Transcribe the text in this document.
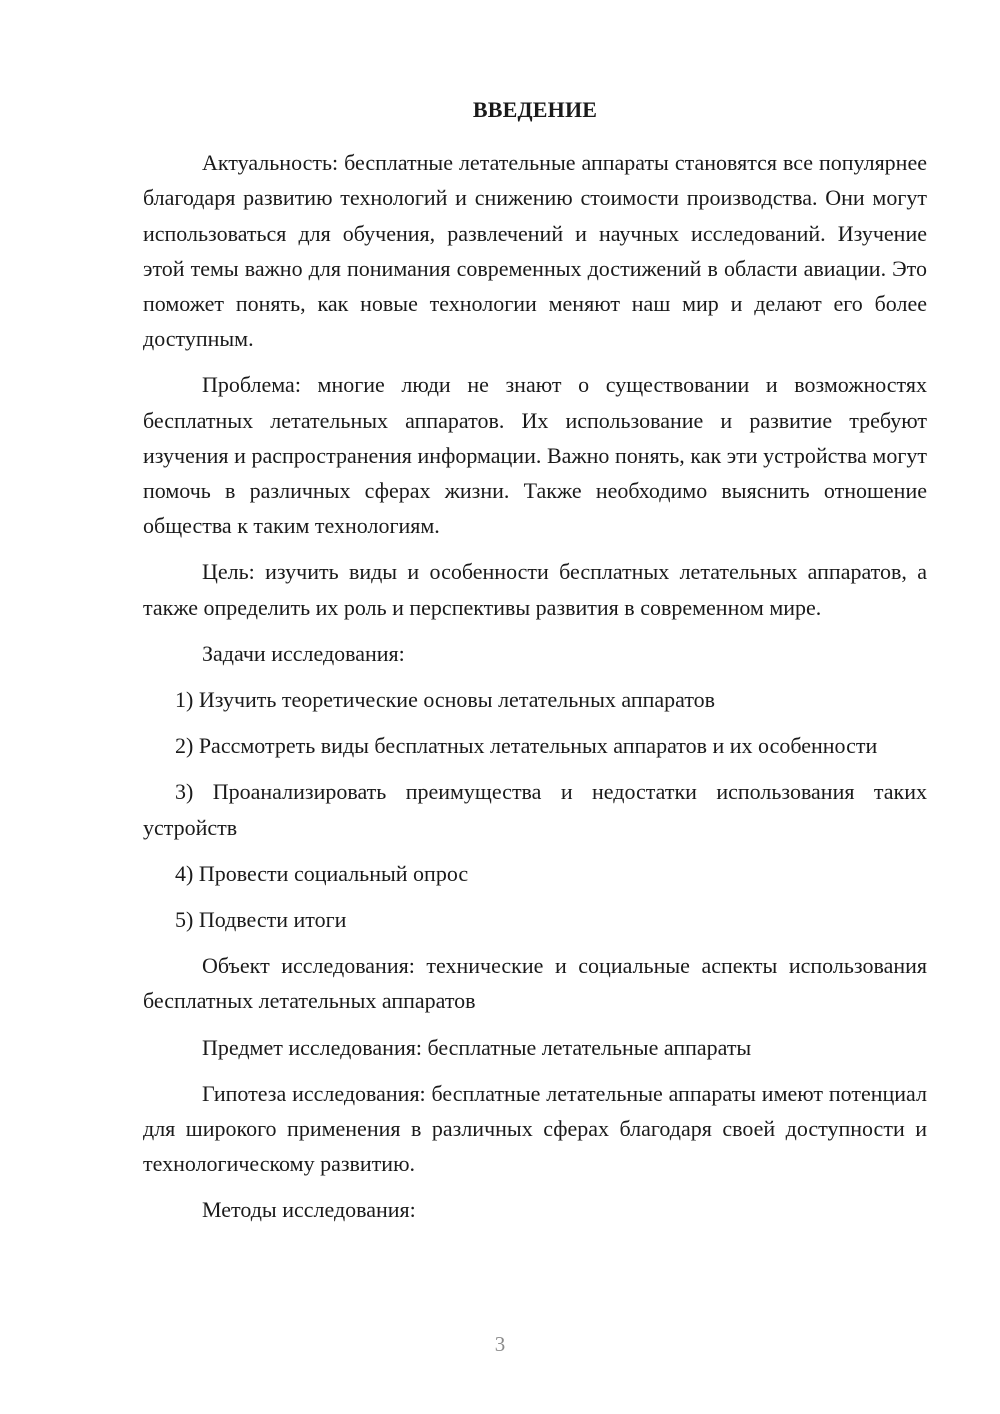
ВВЕДЕНИЕ

Актуальность: бесплатные летательные аппараты становятся все популярнее благодаря развитию технологий и снижению стоимости производства. Они могут использоваться для обучения, развлечений и научных исследований. Изучение этой темы важно для понимания современных достижений в области авиации. Это поможет понять, как новые технологии меняют наш мир и делают его более доступным.

Проблема: многие люди не знают о существовании и возможностях бесплатных летательных аппаратов. Их использование и развитие требуют изучения и распространения информации. Важно понять, как эти устройства могут помочь в различных сферах жизни. Также необходимо выяснить отношение общества к таким технологиям.

Цель: изучить виды и особенности бесплатных летательных аппаратов, а также определить их роль и перспективы развития в современном мире.

Задачи исследования:

1) Изучить теоретические основы летательных аппаратов

2) Рассмотреть виды бесплатных летательных аппаратов и их особенности

3) Проанализировать преимущества и недостатки использования таких устройств

4) Провести социальный опрос

5) Подвести итоги

Объект исследования: технические и социальные аспекты использования бесплатных летательных аппаратов

Предмет исследования: бесплатные летательные аппараты

Гипотеза исследования: бесплатные летательные аппараты имеют потенциал для широкого применения в различных сферах благодаря своей доступности и технологическому развитию.

Методы исследования:

3
